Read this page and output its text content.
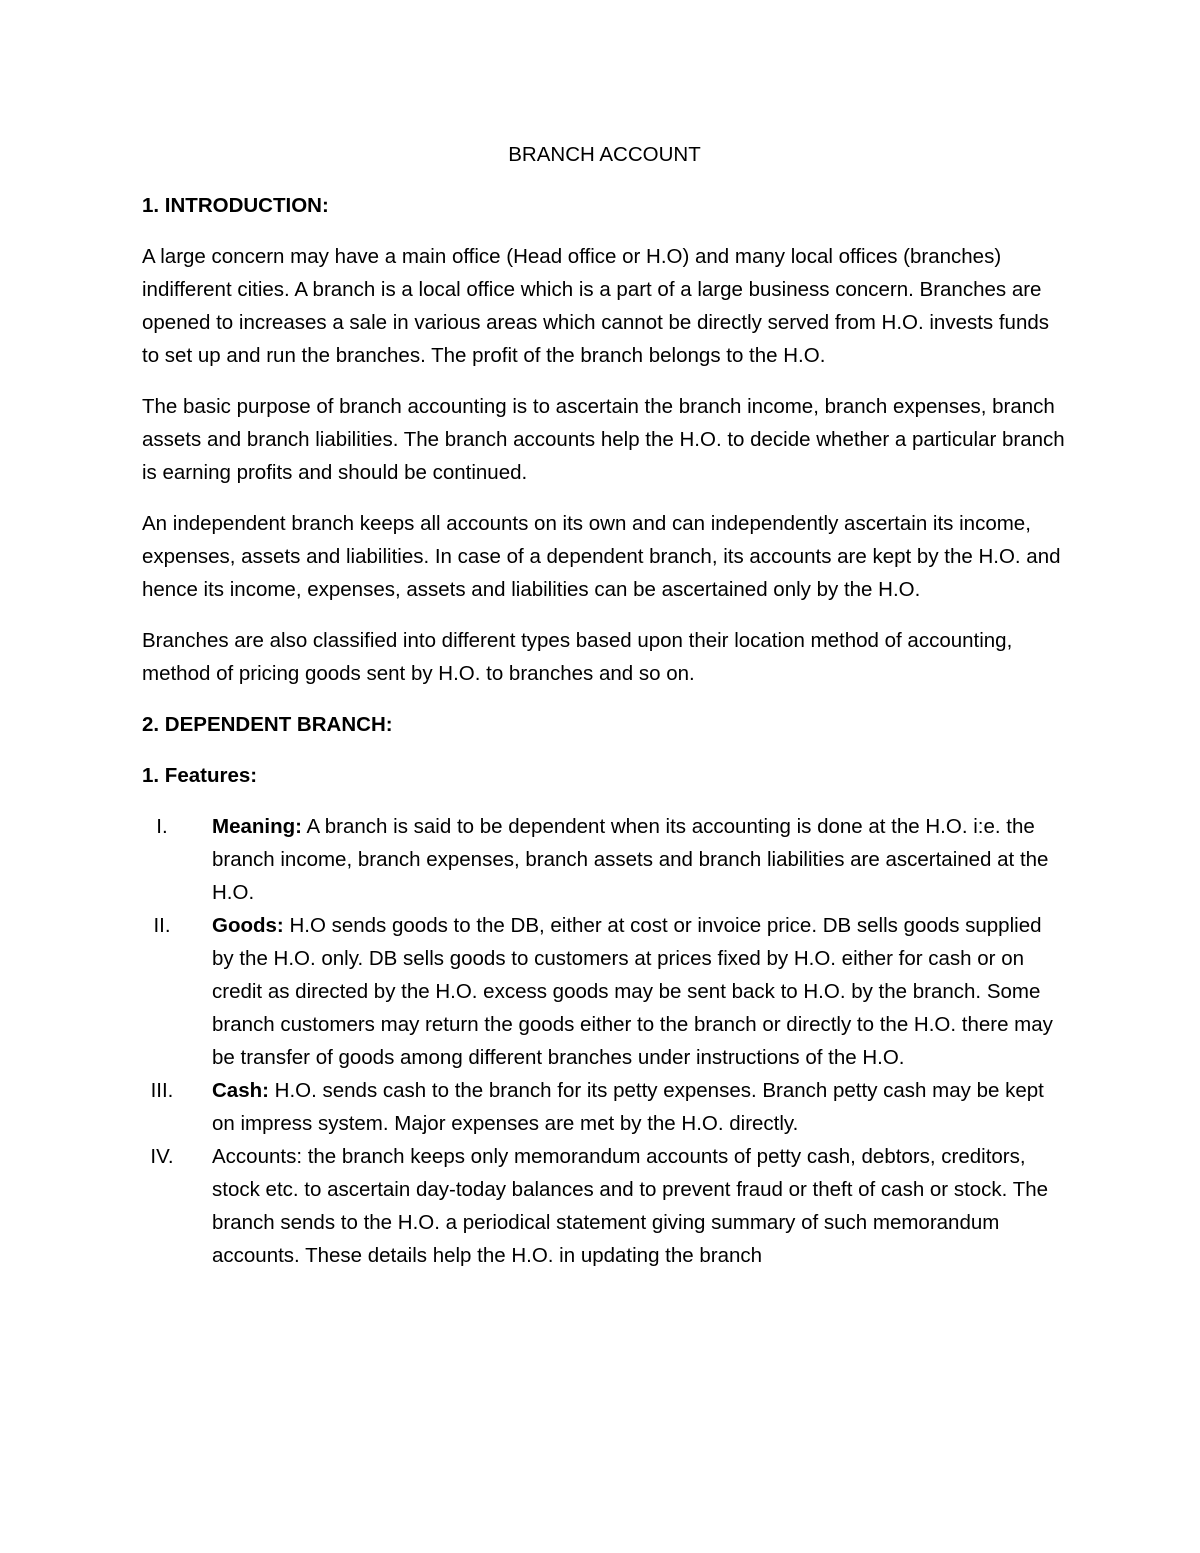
BRANCH ACCOUNT
1. INTRODUCTION:

A large concern may have a main office (Head office or H.O) and many local offices (branches) indifferent cities. A branch is a local office which is a part of a large business concern. Branches are opened to increases a sale in various areas which cannot be directly served from H.O. invests funds to set up and run the branches. The profit of the branch belongs to the H.O.

The basic purpose of branch accounting is to ascertain the branch income, branch expenses, branch assets and branch liabilities. The branch accounts help the H.O. to decide whether a particular branch is earning profits and should be continued.

An independent branch keeps all accounts on its own and can independently ascertain its income, expenses, assets and liabilities. In case of a dependent branch, its accounts are kept by the H.O. and hence its income, expenses, assets and liabilities can be ascertained only by the H.O.

Branches are also classified into different types based upon their location method of accounting, method of pricing goods sent by H.O. to branches and so on.

2. DEPENDENT BRANCH:
1. Features:
I.	Meaning: A branch is said to be dependent when its accounting is done at the H.O. i:e. the branch income, branch expenses, branch assets and branch liabilities are ascertained at the H.O.
II.	Goods: H.O sends goods to the DB, either at cost or invoice price. DB sells goods supplied by the H.O. only. DB sells goods to customers at prices fixed by H.O. either for cash or on credit as directed by the H.O. excess goods may be sent back to H.O. by the branch. Some branch customers may return the goods either to the branch or directly to the H.O. there may be transfer of goods among different branches under instructions of the H.O.
III.	Cash: H.O. sends cash to the branch for its petty expenses. Branch petty cash may be kept on impress system. Major expenses are met by the H.O. directly.
IV.	Accounts: the branch keeps only memorandum accounts of petty cash, debtors, creditors, stock etc. to ascertain day-today balances and to prevent fraud or theft of cash or stock. The branch sends to the H.O. a periodical statement giving summary of such memorandum accounts. These details help the H.O. in updating the branch
